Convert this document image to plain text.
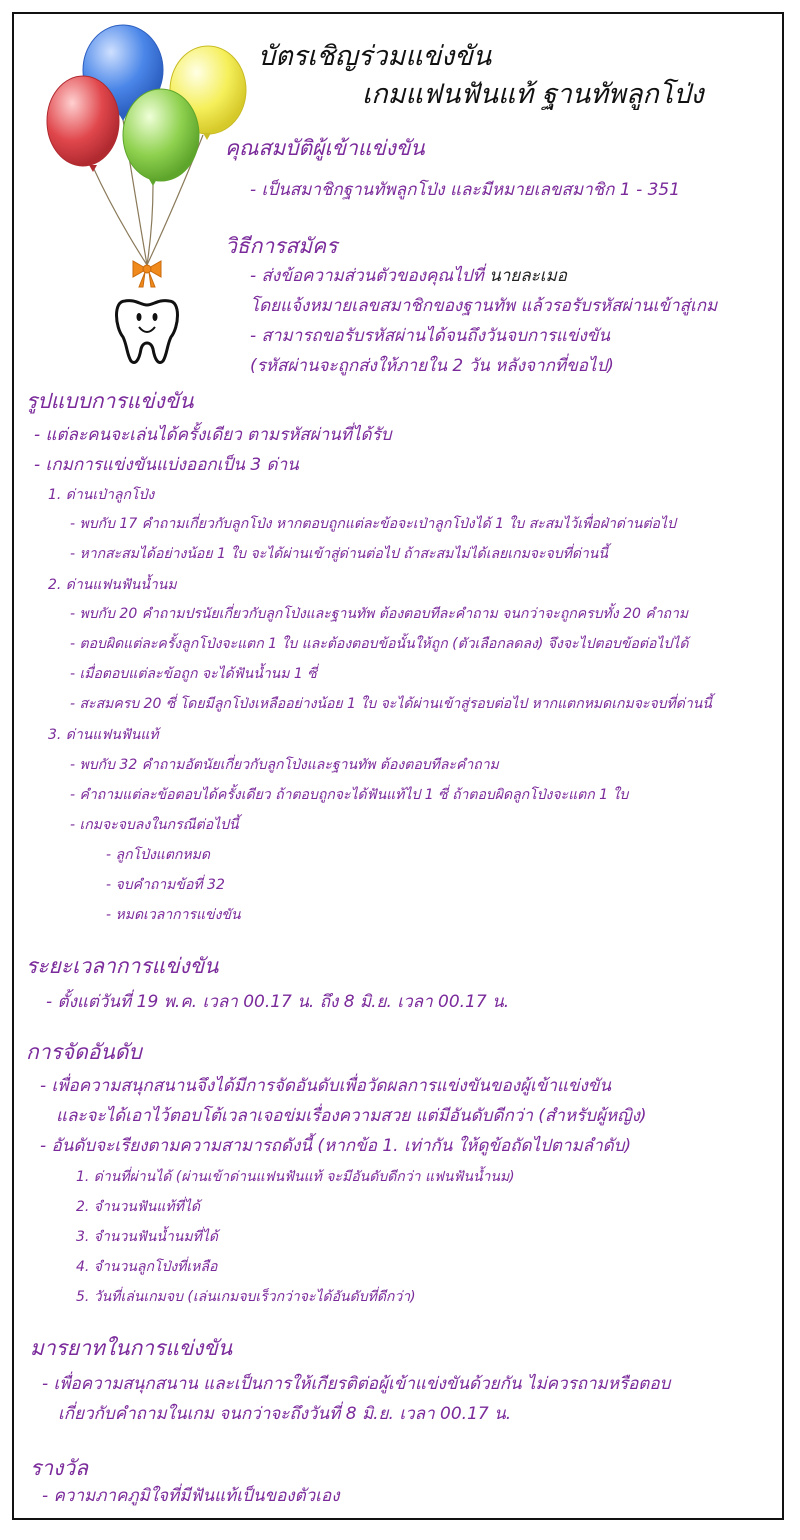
บัตรเชิญร่วมแข่งขัน
เกมแฟนฟันแท้ ฐานทัพลูกโป่ง
คุณสมบัติผู้เข้าแข่งขัน
- เป็นสมาชิกฐานทัพลูกโป่ง และมีหมายเลขสมาชิก 1 - 351
วิธีการสมัคร
- ส่งข้อความส่วนตัวของคุณไปที่ นายละเมอ
โดยแจ้งหมายเลขสมาชิกของฐานทัพ แล้วรอรับรหัสผ่านเข้าสู่เกม
- สามารถขอรับรหัสผ่านได้จนถึงวันจบการแข่งขัน
(รหัสผ่านจะถูกส่งให้ภายใน 2 วัน หลังจากที่ขอไป)
รูปแบบการแข่งขัน
- แต่ละคนจะเล่นได้ครั้งเดียว ตามรหัสผ่านที่ได้รับ
- เกมการแข่งขันแบ่งออกเป็น 3 ด่าน
1. ด่านเป่าลูกโป่ง
- พบกับ 17 คำถามเกี่ยวกับลูกโป่ง หากตอบถูกแต่ละข้อจะเป่าลูกโป่งได้ 1 ใบ สะสมไว้เพื่อฝ่าด่านต่อไป
- หากสะสมได้อย่างน้อย 1 ใบ จะได้ผ่านเข้าสู่ด่านต่อไป ถ้าสะสมไม่ได้เลยเกมจะจบที่ด่านนี้
2. ด่านแฟนฟันน้ำนม
- พบกับ 20 คำถามปรนัยเกี่ยวกับลูกโป่งและฐานทัพ ต้องตอบทีละคำถาม จนกว่าจะถูกครบทั้ง 20 คำถาม
- ตอบผิดแต่ละครั้งลูกโป่งจะแตก 1 ใบ และต้องตอบข้อนั้นให้ถูก (ตัวเลือกลดลง) จึงจะไปตอบข้อต่อไปได้
- เมื่อตอบแต่ละข้อถูก จะได้ฟันน้ำนม 1 ซี่
- สะสมครบ 20 ซี่ โดยมีลูกโป่งเหลืออย่างน้อย 1 ใบ จะได้ผ่านเข้าสู่รอบต่อไป หากแตกหมดเกมจะจบที่ด่านนี้
3. ด่านแฟนฟันแท้
- พบกับ 32 คำถามอัตนัยเกี่ยวกับลูกโป่งและฐานทัพ ต้องตอบทีละคำถาม
- คำถามแต่ละข้อตอบได้ครั้งเดียว ถ้าตอบถูกจะได้ฟันแท้ไป 1 ซี่ ถ้าตอบผิดลูกโป่งจะแตก 1 ใบ
- เกมจะจบลงในกรณีต่อไปนี้
- ลูกโป่งแตกหมด
- จบคำถามข้อที่ 32
- หมดเวลาการแข่งขัน
ระยะเวลาการแข่งขัน
- ตั้งแต่วันที่ 19 พ.ค. เวลา 00.17 น. ถึง 8 มิ.ย. เวลา 00.17 น.
การจัดอันดับ
- เพื่อความสนุกสนานจึงได้มีการจัดอันดับเพื่อวัดผลการแข่งขันของผู้เข้าแข่งขัน
และจะได้เอาไว้ตอบโต้เวลาเจอข่มเรื่องความสวย แต่มีอันดับดีกว่า (สำหรับผู้หญิง)
- อันดับจะเรียงตามความสามารถดังนี้ (หากข้อ 1. เท่ากัน ให้ดูข้อถัดไปตามลำดับ)
1. ด่านที่ผ่านได้ (ผ่านเข้าด่านแฟนฟันแท้ จะมีอันดับดีกว่า แฟนฟันน้ำนม)
2. จำนวนฟันแท้ที่ได้
3. จำนวนฟันน้ำนมที่ได้
4. จำนวนลูกโป่งที่เหลือ
5. วันที่เล่นเกมจบ (เล่นเกมจบเร็วกว่าจะได้อันดับที่ดีกว่า)
มารยาทในการแข่งขัน
- เพื่อความสนุกสนาน และเป็นการให้เกียรติต่อผู้เข้าแข่งขันด้วยกัน ไม่ควรถามหรือตอบ
เกี่ยวกับคำถามในเกม จนกว่าจะถึงวันที่ 8 มิ.ย. เวลา 00.17 น.
รางวัล
- ความภาคภูมิใจที่มีฟันแท้เป็นของตัวเอง
